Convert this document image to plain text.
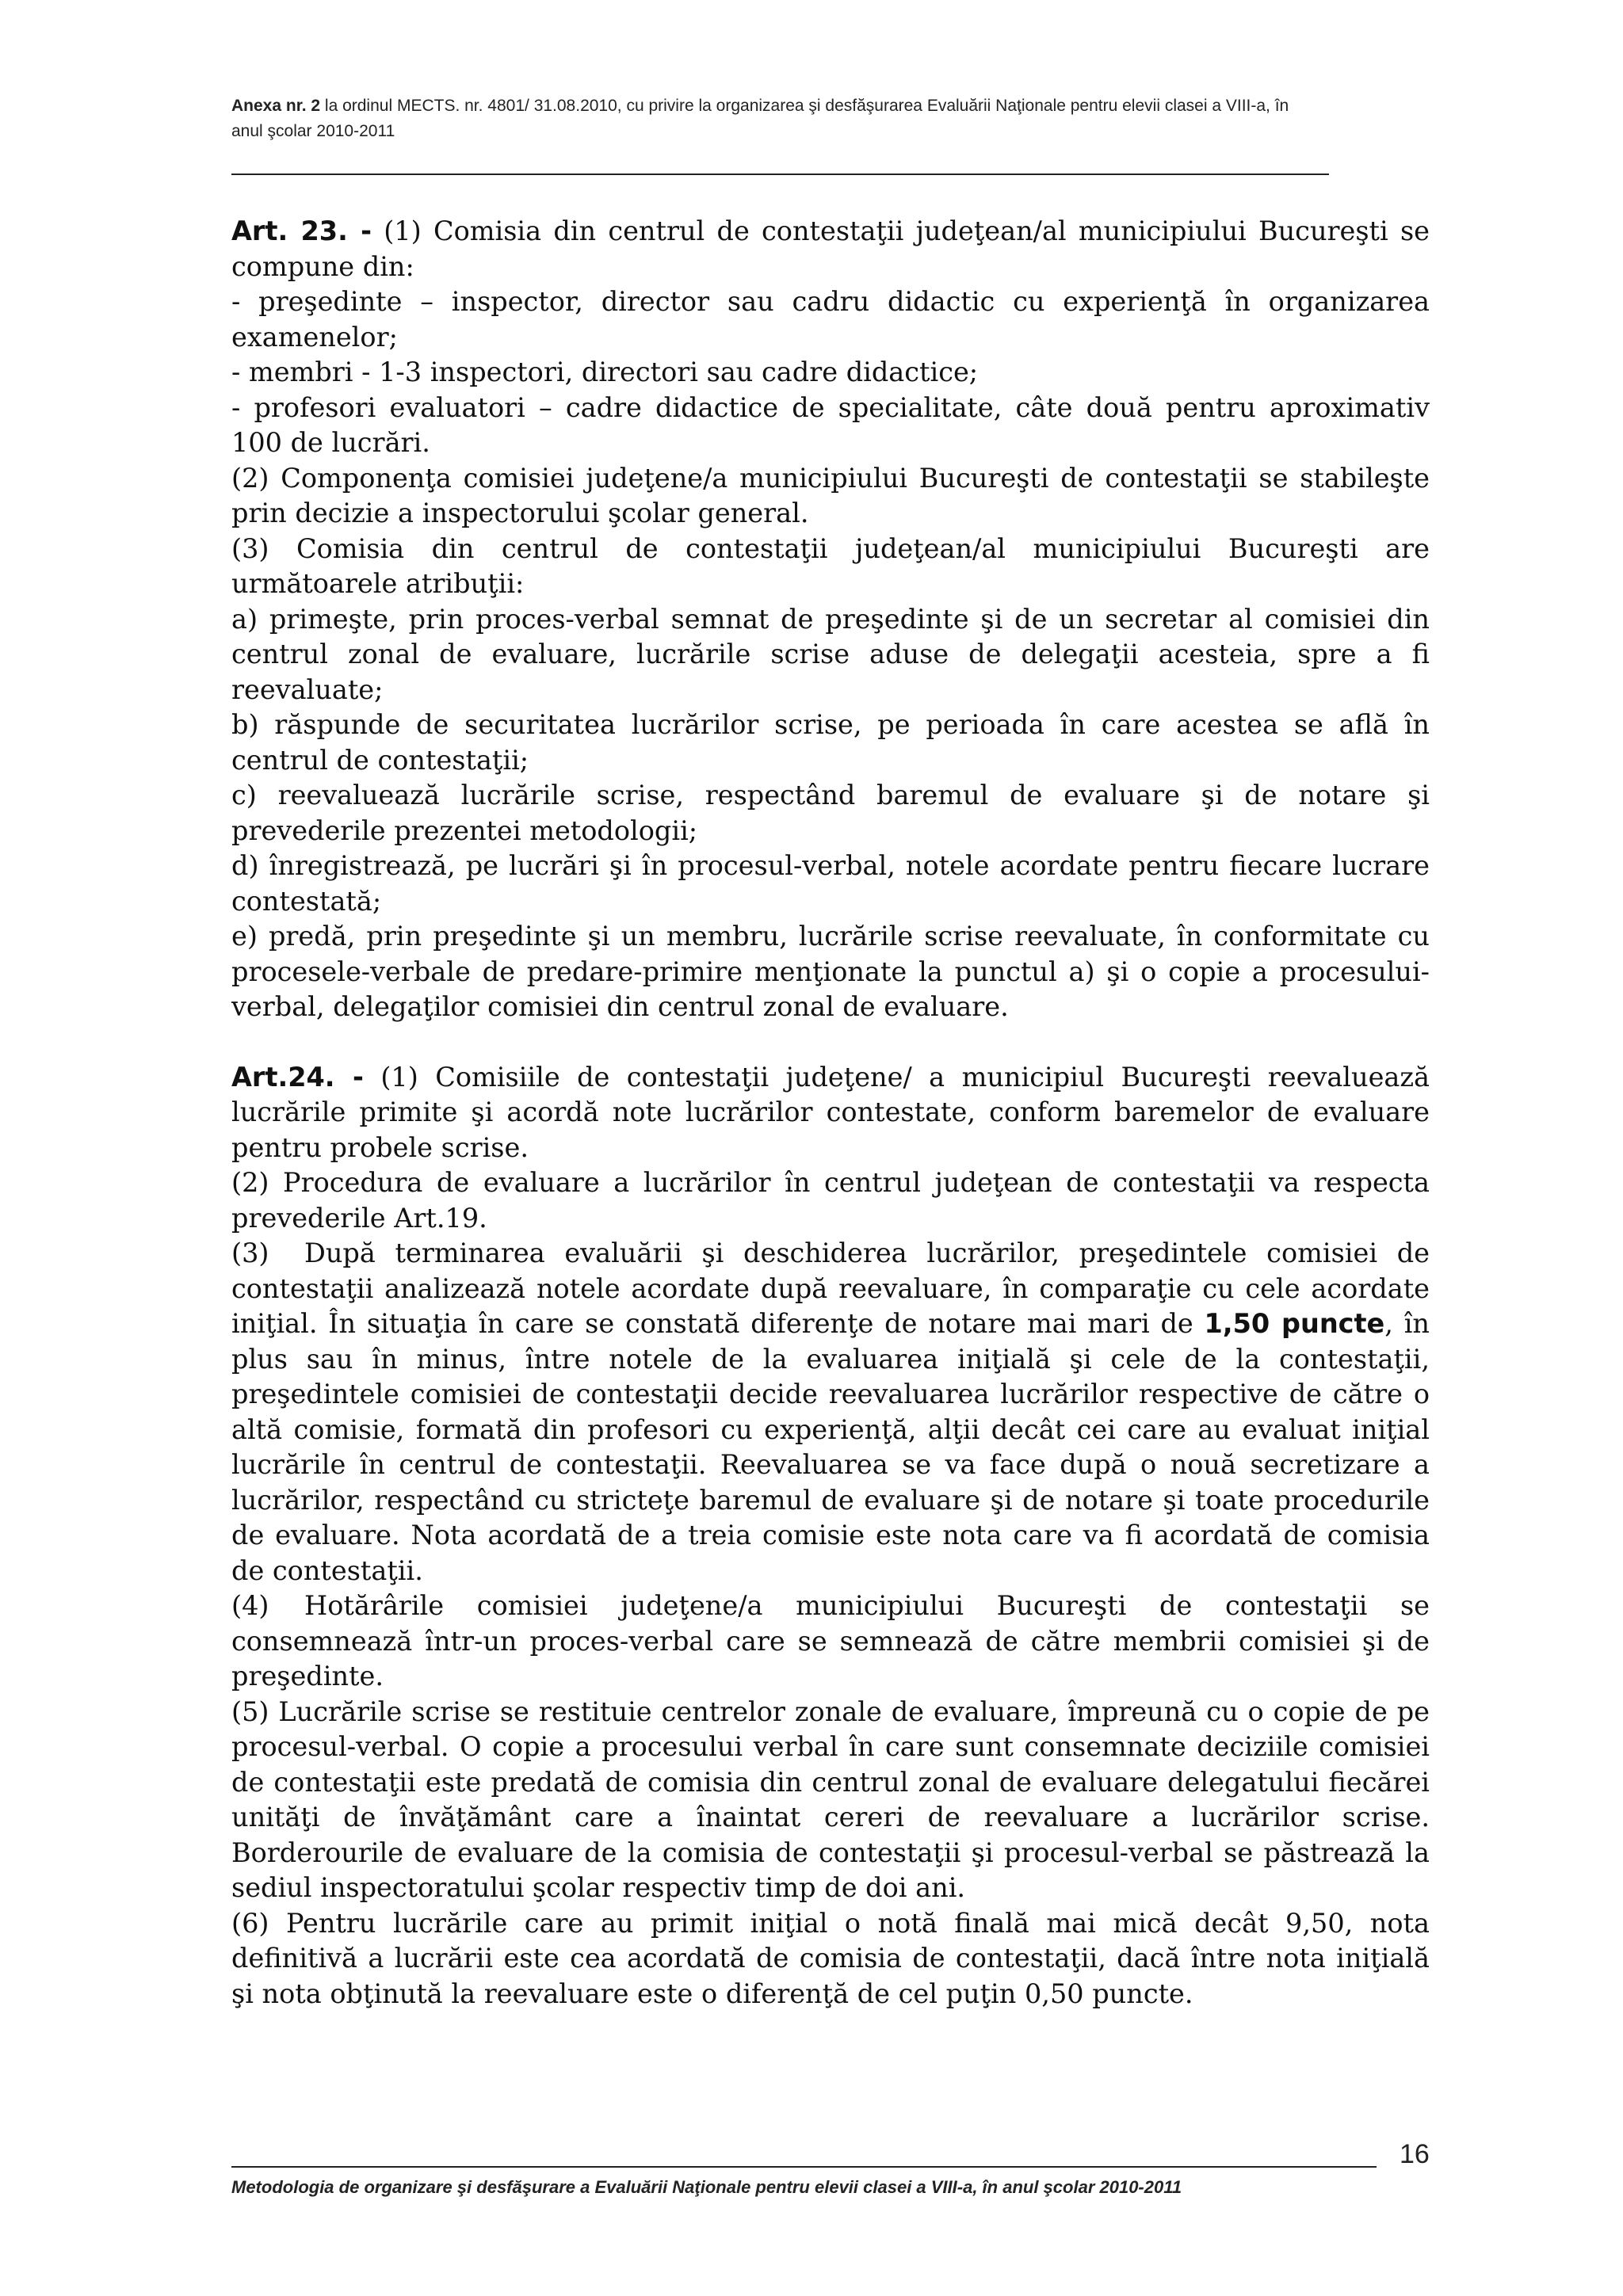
Anexa nr. 2 la ordinul MECTS. nr. 4801/ 31.08.2010, cu privire la organizarea şi desfăşurarea Evaluării Naţionale pentru elevii clasei a VIII-a, în
anul şcolar 2010-2011

Art. 23. - (1) Comisia din centrul de contestaţii judeţean/al municipiului Bucureşti se compune din:

- preşedinte – inspector, director sau cadru didactic cu experienţă în organizarea examenelor;

- membri - 1-3 inspectori, directori sau cadre didactice;

- profesori evaluatori – cadre didactice de specialitate, câte două pentru aproximativ 100 de lucrări.

(2) Componenţa comisiei judeţene/a municipiului Bucureşti de contestaţii se stabileşte prin decizie a inspectorului şcolar general.

(3) Comisia din centrul de contestaţii judeţean/al municipiului Bucureşti are următoarele atribuţii:

a) primeşte, prin proces-verbal semnat de preşedinte şi de un secretar al comisiei din centrul zonal de evaluare, lucrările scrise aduse de delegaţii acesteia, spre a fi reevaluate;

b) răspunde de securitatea lucrărilor scrise, pe perioada în care acestea se află în centrul de contestaţii;

c) reevaluează lucrările scrise, respectând baremul de evaluare şi de notare şi prevederile prezentei metodologii;

d) înregistrează, pe lucrări şi în procesul-verbal, notele acordate pentru fiecare lucrare contestată;

e) predă, prin preşedinte şi un membru, lucrările scrise reevaluate, în conformitate cu procesele-verbale de predare-primire menţionate la punctul a) şi o copie a procesului-verbal, delegaţilor comisiei din centrul zonal de evaluare.

Art.24. - (1) Comisiile de contestaţii judeţene/ a municipiul Bucureşti reevaluează lucrările primite şi acordă note lucrărilor contestate, conform baremelor de evaluare pentru probele scrise.

(2) Procedura de evaluare a lucrărilor în centrul judeţean de contestaţii va respecta prevederile Art.19.

(3) După terminarea evaluării şi deschiderea lucrărilor, preşedintele comisiei de contestaţii analizează notele acordate după reevaluare, în comparaţie cu cele acordate iniţial. În situaţia în care se constată diferenţe de notare mai mari de 1,50 puncte, în plus sau în minus, între notele de la evaluarea iniţială şi cele de la contestaţii, preşedintele comisiei de contestaţii decide reevaluarea lucrărilor respective de către o altă comisie, formată din profesori cu experienţă, alţii decât cei care au evaluat iniţial lucrările în centrul de contestaţii. Reevaluarea se va face după o nouă secretizare a lucrărilor, respectând cu stricteţe baremul de evaluare şi de notare şi toate procedurile de evaluare. Nota acordată de a treia comisie este nota care va fi acordată de comisia de contestaţii.

(4) Hotărârile comisiei judeţene/a municipiului Bucureşti de contestaţii se consemnează într-un proces-verbal care se semnează de către membrii comisiei şi de preşedinte.

(5) Lucrările scrise se restituie centrelor zonale de evaluare, împreună cu o copie de pe procesul-verbal. O copie a procesului verbal în care sunt consemnate deciziile comisiei de contestaţii este predată de comisia din centrul zonal de evaluare delegatului fiecărei unităţi de învăţământ care a înaintat cereri de reevaluare a lucrărilor scrise. Borderourile de evaluare de la comisia de contestaţii şi procesul-verbal se păstrează la sediul inspectoratului şcolar respectiv timp de doi ani.

(6) Pentru lucrările care au primit iniţial o notă finală mai mică decât 9,50, nota definitivă a lucrării este cea acordată de comisia de contestaţii, dacă între nota iniţială şi nota obţinută la reevaluare este o diferenţă de cel puţin 0,50 puncte.

16
Metodologia de organizare şi desfăşurare a Evaluării Naţionale pentru elevii clasei a VIII-a, în anul şcolar 2010-2011
